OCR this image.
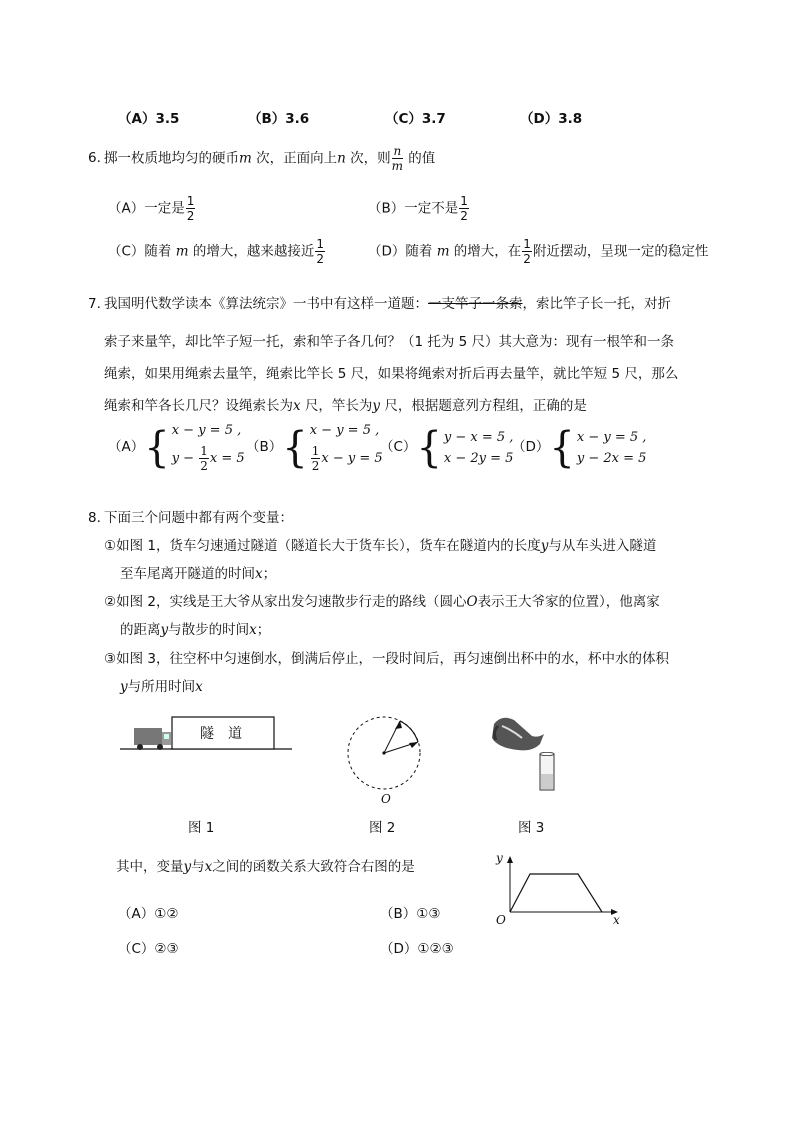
（A）3.5	（B）3.6	（C）3.7	（D）3.8
6. 掷一枚质地均匀的硬币m 次，正面向上n 次，则 $\frac{n}{m}$ 的值
（A）一定是 $\frac{1}{2}$	（B）一定不是 $\frac{1}{2}$
（C）随着 m 的增大，越来越接近 $\frac{1}{2}$	（D）随着 m 的增大，在 $\frac{1}{2}$ 附近摆动，呈现一定的稳定性
7. 我国明代数学读本《算法统宗》一书中有这样一道题：一支竿子一条索，索比竿子长一托，对折
索子来量竿，却比竿子短一托，索和竿子各几何？（1 托为 5 尺）其大意为：现有一根竿和一条
绳索，如果用绳索去量竿，绳索比竿长 5 尺，如果将绳索对折后再去量竿，就比竿短 5 尺，那么
绳索和竿各长几尺？设绳索长为x 尺，竿长为y 尺，根据题意列方程组，正确的是
（A） { x − y = 5 ,
$y - \frac{1}{2}$ x = 5
（B） { x − y = 5 ,
$\frac{1}{2}$ x − y = 5
（C） { y − x = 5 ,
x − 2y = 5
（D） { x − y = 5 ,
y − 2x = 5
8. 下面三个问题中都有两个变量：
①如图 1，货车匀速通过隧道（隧道长大于货车长），货车在隧道内的长度y与从车头进入隧道
至车尾离开隧道的时间x；
②如图 2，实线是王大爷从家出发匀速散步行走的路线（圆心O表示王大爷家的位置），他离家
的距离y与散步的时间x；
③如图 3，往空杯中匀速倒水，倒满后停止，一段时间后，再匀速倒出杯中的水，杯中水的体积
y与所用时间x
隧　道
O
图 1	图 2	图 3
其中，变量y与x之间的函数关系大致符合右图的是
y
x
O
（A）①②	（B）①③
（C）②③	（D）①②③
